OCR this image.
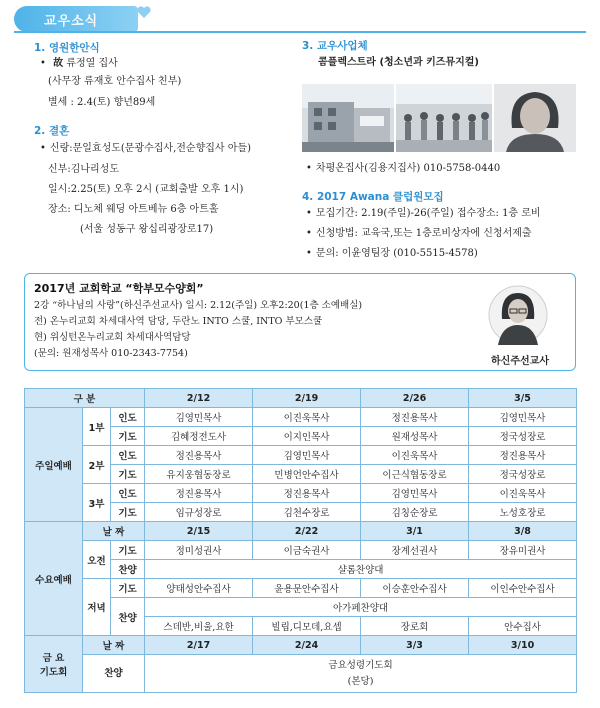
교우소식
1. 영원한안식
• 故 류정열 집사
(사무장 류재호 안수집사 친부)
별세 : 2.4(토) 향년89세
2. 결혼
• 신랑:문일효성도(문광수집사,전순향집사 아들)
신부:김나리성도
일시:2.25(토) 오후 2시 (교회출발 오후 1시)
장소: 디노체 웨딩 아트베뉴 6층 아트홀
(서울 성동구 왕십리광장로17)
3. 교우사업체
콤플렉스트라 (청소년과 키즈뮤지컬)
• 차평온집사(김용지집사) 010-5758-0440
4. 2017 Awana 클럽원모집
• 모집기간: 2.19(주일)-26(주일) 접수장소: 1층 로비
• 신청방법: 교육국,또는 1층로비상자에 신청서제출
• 문의: 이윤영팀장 (010-5515-4578)
2017년 교회학교 “학부모수양회”
2강 “하나님의 사랑”(하신주선교사) 일시: 2.12(주일) 오후2:20(1층 소예배실)
전) 온누리교회 차세대사역 담당, 두란노 INTO 스쿨, INTO 부모스쿨
현) 위싱턴온누리교회 차세대사역담당
(문의: 원재성목사 010-2343-7754)
하신주선교사
구 분			2/12	2/19	2/26	3/5
주일예배	1부	인도	김영민목사	이진욱목사	정진용목사	김영민목사
		기도	김혜정전도사	이지인목사	원재성목사	정국성장로
	2부	인도	정진용목사	김영민목사	이진욱목사	정진용목사
		기도	유지웅협동장로	민병언안수집사	이근식협동장로	정국성장로
	3부	인도	정진용목사	정진용목사	김영민목사	이진욱목사
		기도	임규성장로	김천수장로	김칭순장로	노성호장로
수요예배	날 짜		2/15	2/22	3/1	3/8
	오전	기도	정미성권사	이금숙권사	장계선권사	장유미권사
		찬양	샬롬찬양대			
	저녁	기도	양태성안수집사	윤용문안수집사	이승훈안수집사	이인수안수집사
		찬양	아가페찬양대			
			스데반,비울,요한	빌립,디모데,요셉	장로회	안수집사

금 요
기도회	날 짜		2/17	2/24	3/3	3/10
	찬양		금요성령기도회
(본당)			
